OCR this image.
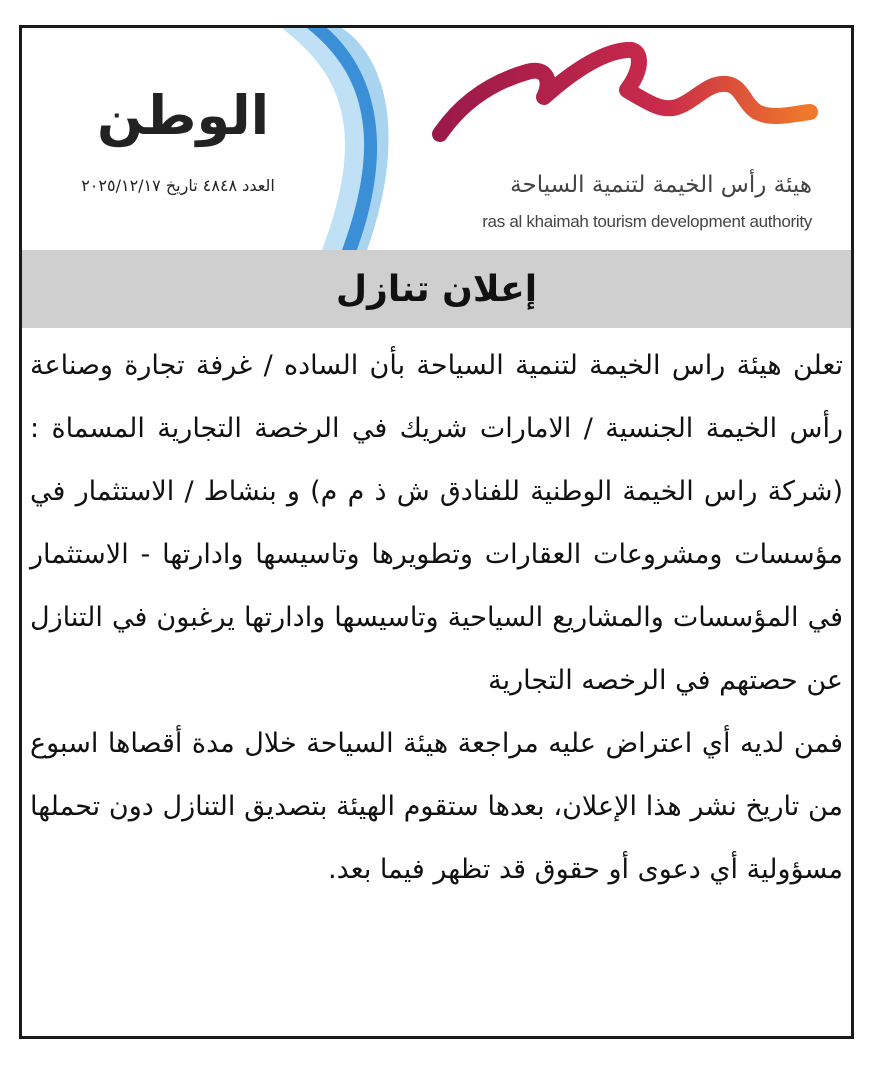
الوطن
العدد ٤٨٤٨ تاريخ ٢٠٢٥/١٢/١٧	هيئة رأس الخيمة لتنمية السياحة
ras al khaimah tourism development authority
إعلان تنازل

تعلن هيئة راس الخيمة لتنمية السياحة بأن الساده / غرفة تجارة وصناعة رأس الخيمة الجنسية / الامارات شريك في الرخصة التجارية المسماة : (شركة راس الخيمة الوطنية للفنادق ش ذ م م) و بنشاط / الاستثمار في مؤسسات ومشروعات العقارات وتطويرها وتاسيسها وادارتها - الاستثمار في المؤسسات والمشاريع السياحية وتاسيسها وادارتها يرغبون في التنازل عن حصتهم في الرخصه التجارية

فمن لديه أي اعتراض عليه مراجعة هيئة السياحة خلال مدة أقصاها اسبوع من تاريخ نشر هذا الإعلان، بعدها ستقوم الهيئة بتصديق التنازل دون تحملها مسؤولية أي دعوى أو حقوق قد تظهر فيما بعد.
